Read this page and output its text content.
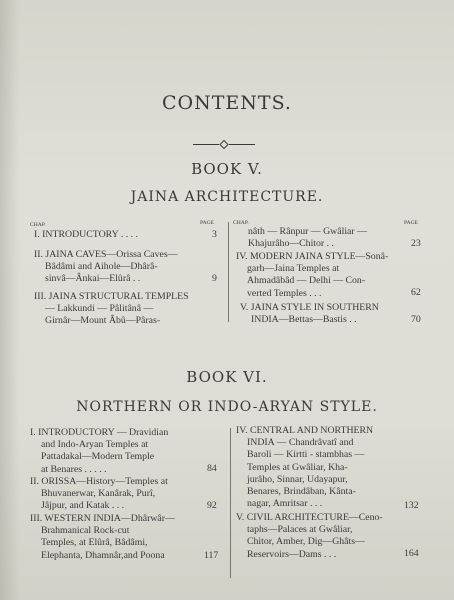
CONTENTS.
BOOK V.
JAINA ARCHITECTURE.
CHAP.	PAGE	CHAP.	PAGE
I. INTRODUCTORY . . . .	3
II. JAINA CAVES—Orissa Caves—
Bâdâmi and Aihole—Dhârâ-
sinvâ—Ânkai—Elûrâ . .	9
III. JAINA STRUCTURAL TEMPLES
— Lakkundi — Pâlitânâ —
Girnâr—Mount Âbû—Pâras-
nâth — Rânpur — Gwâliar —
Khajurâho—Chitor . .	23
IV. MODERN JAINA STYLE—Sonâ-
garh—Jaina Temples at
Ahmadâbâd — Delhi — Con-
verted Temples . . .	62
V. JAINA STYLE IN SOUTHERN
INDIA—Bettas—Bastis . .	70
BOOK VI.
NORTHERN OR INDO-ARYAN STYLE.
I. INTRODUCTORY — Dravidian
and Indo-Aryan Temples at
Pattadakal—Modern Temple
at Benares . . . . .	84
II. ORISSA—History—Temples at
Bhuvanerwar, Kanârak, Purî,
Jâjpur, and Katak . . .	92
III. WESTERN INDIA—Dhârwâr—
Brahmanical Rock-cut
Temples, at Elûrâ, Bâdâmi,
Elephanta, Dhamnâr,and Poona	117
IV. CENTRAL AND NORTHERN
INDIA — Chandrâvatî and
Baroli — Kirtti - stambhas —
Temples at Gwâliar, Kha-
jurâho, Sinnar, Udayapur,
Benares, Brindâban, Kânta-
nagar, Amritsar . . .	132
V. CIVIL ARCHITECTURE—Ceno-
taphs—Palaces at Gwâliar,
Chitor, Amber, Dig—Ghâts—
Reservoirs—Dams . . .	164
